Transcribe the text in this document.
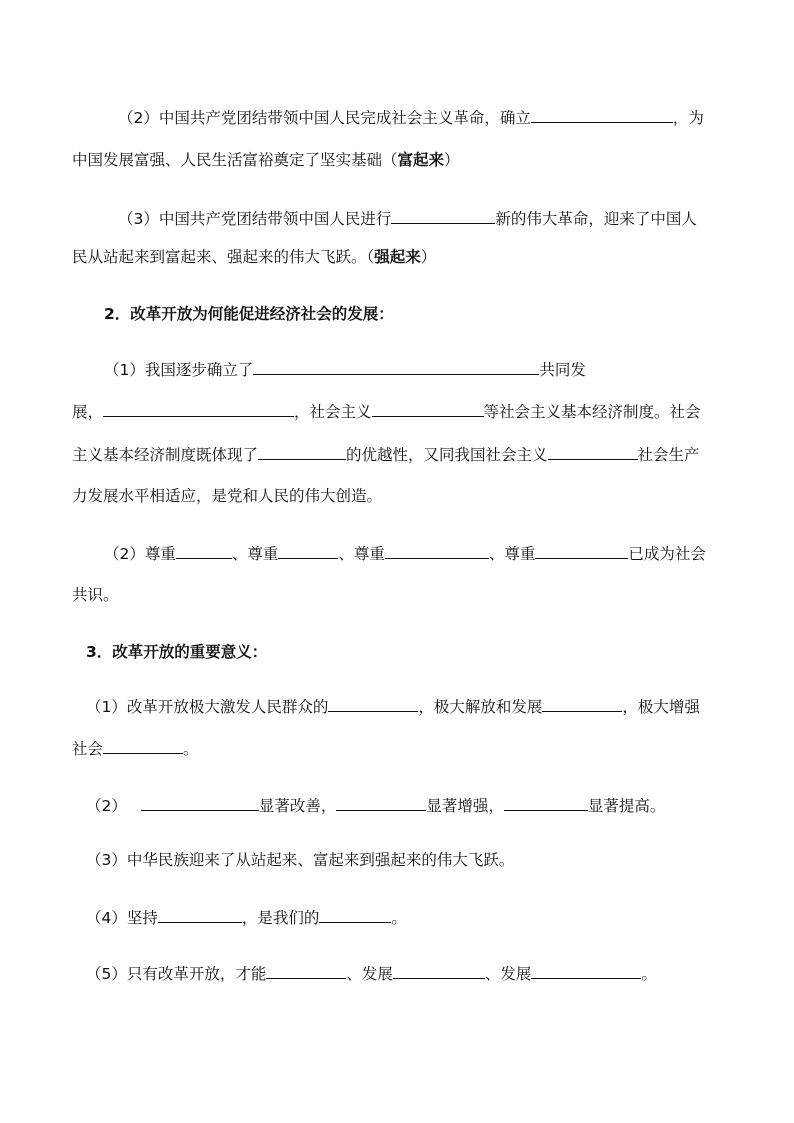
（2）中国共产党团结带领中国人民完成社会主义革命，确立	，为
中国发展富强、人民生活富裕奠定了坚实基础（富起来）
（3）中国共产党团结带领中国人民进行	新的伟大革命，迎来了中国人
民从站起来到富起来、强起来的伟大飞跃。（强起来）
2．改革开放为何能促进经济社会的发展：
（1）我国逐步确立了	共同发
展，	，社会主义	等社会主义基本经济制度。社会
主义基本经济制度既体现了	的优越性，又同我国社会主义	社会生产
力发展水平相适应，是党和人民的伟大创造。
（2）尊重	、尊重	、尊重	、尊重	已成为社会
共识。
3．改革开放的重要意义：
（1）改革开放极大激发人民群众的	，极大解放和发展	，极大增强
社会	。
（2）	显著改善，	显著增强，	显著提高。
（3）中华民族迎来了从站起来、富起来到强起来的伟大飞跃。
（4）坚持	，是我们的	。
（5）只有改革开放，才能	、发展	、发展	。
